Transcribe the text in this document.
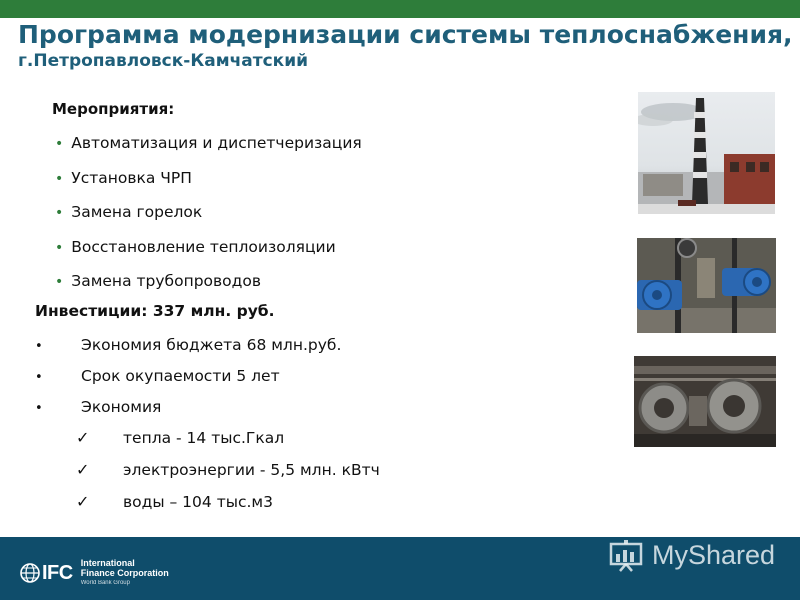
Программа модернизации системы теплоснабжения,
г.Петропавловск-Камчатский
Мероприятия:
• Автоматизация и диспетчеризация
• Установка ЧРП
• Замена горелок
• Восстановление теплоизоляции
• Замена трубопроводов
Инвестиции: 337 млн. руб.
• Экономия бюджета 68 млн.руб.
• Срок окупаемости 5 лет
• Экономия
✓ тепла - 14 тыс.Гкал
✓ электроэнергии - 5,5 млн. кВтч
✓ воды – 104 тыс.м3
IFC International
Finance Corporation
World Bank Group
MyShared
